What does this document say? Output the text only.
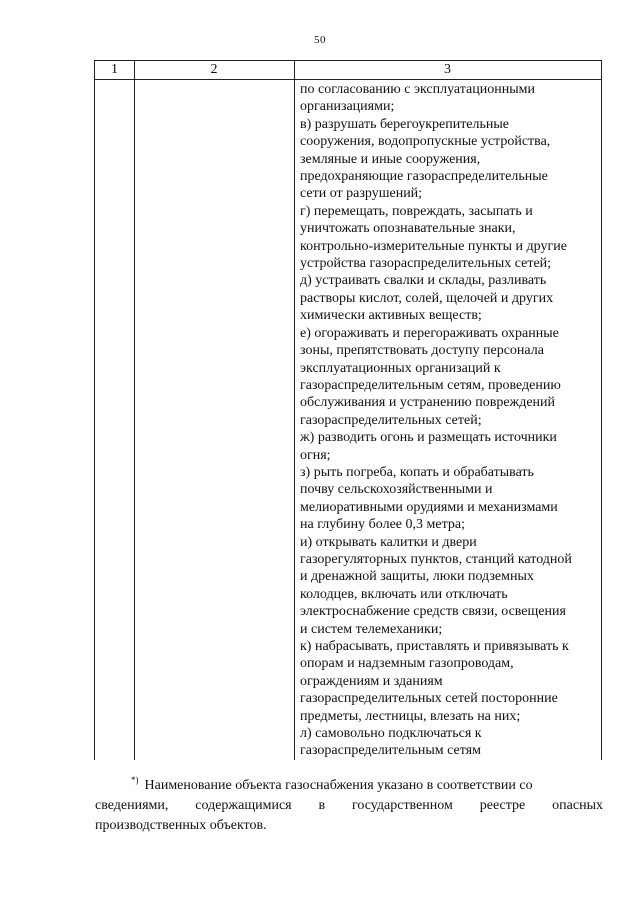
50
1	2	3
по согласованию с эксплуатационными
организациями;
в) разрушать берегоукрепительные
сооружения, водопропускные устройства,
земляные и иные сооружения,
предохраняющие газораспределительные
сети от разрушений;
г) перемещать, повреждать, засыпать и
уничтожать опознавательные знаки,
контрольно-измерительные пункты и другие
устройства газораспределительных сетей;
д) устраивать свалки и склады, разливать
растворы кислот, солей, щелочей и других
химически активных веществ;
е) огораживать и перегораживать охранные
зоны, препятствовать доступу персонала
эксплуатационных организаций к
газораспределительным сетям, проведению
обслуживания и устранению повреждений
газораспределительных сетей;
ж) разводить огонь и размещать источники
огня;
з) рыть погреба, копать и обрабатывать
почву сельскохозяйственными и
мелиоративными орудиями и механизмами
на глубину более 0,3 метра;
и) открывать калитки и двери
газорегуляторных пунктов, станций катодной
и дренажной защиты, люки подземных
колодцев, включать или отключать
электроснабжение средств связи, освещения
и систем телемеханики;
к) набрасывать, приставлять и привязывать к
опорам и надземным газопроводам,
ограждениям и зданиям
газораспределительных сетей посторонние
предметы, лестницы, влезать на них;
л) самовольно подключаться к
газораспределительным сетям
*) Наименование объекта газоснабжения указано в соответствии со
сведениями, содержащимися в государственном реестре опасных
производственных объектов.
